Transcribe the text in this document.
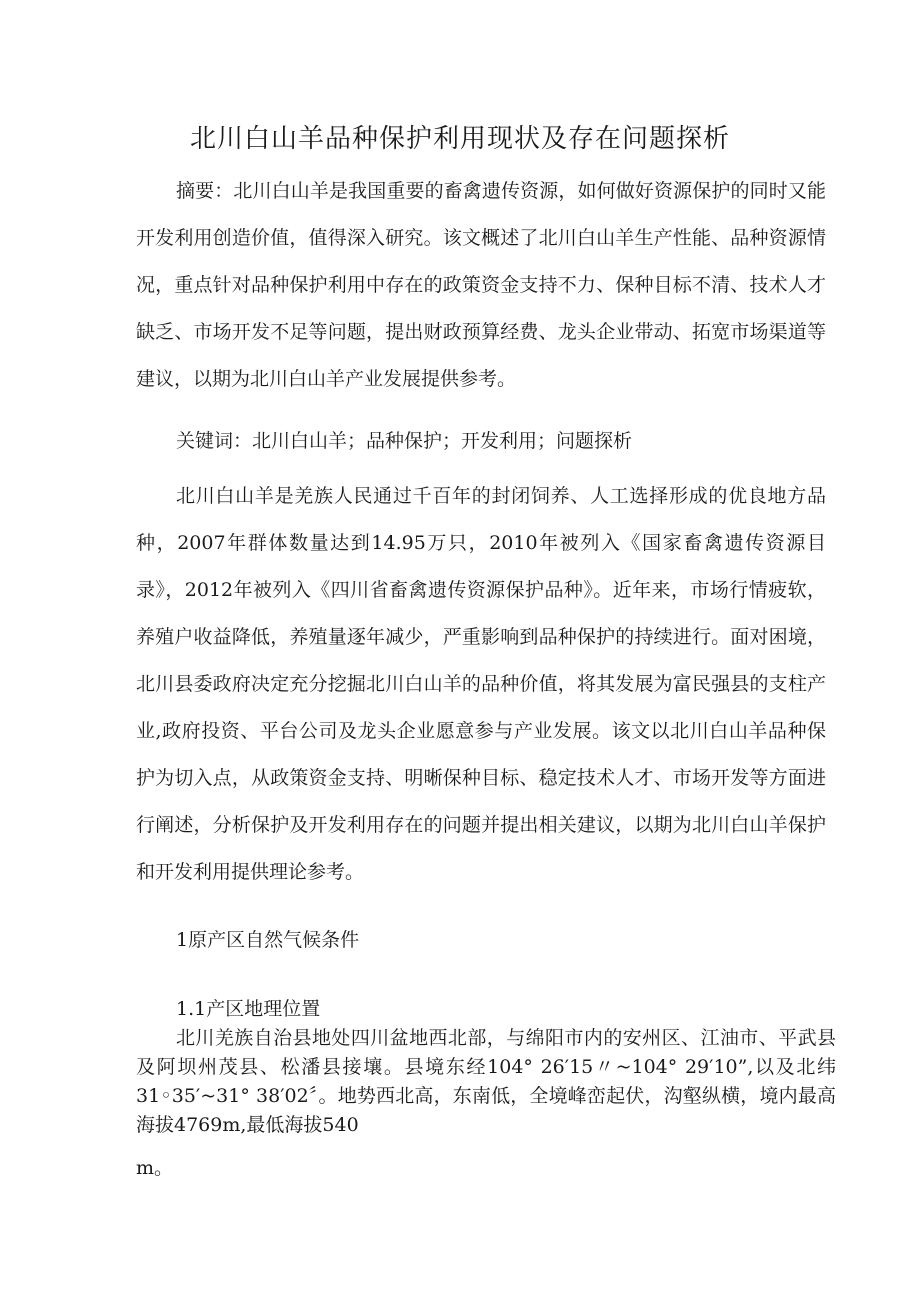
北川白山羊品种保护利用现状及存在问题探析

摘要：北川白山羊是我国重要的畜禽遗传资源，如何做好资源保护的同时又能开发利用创造价值，值得深入研究。该文概述了北川白山羊生产性能、品种资源情况，重点针对品种保护利用中存在的政策资金支持不力、保种目标不清、技术人才缺乏、市场开发不足等问题，提出财政预算经费、龙头企业带动、拓宽市场渠道等建议，以期为北川白山羊产业发展提供参考。

关键词：北川白山羊；品种保护；开发利用；问题探析

北川白山羊是羌族人民通过千百年的封闭饲养、人工选择形成的优良地方品种，2007年群体数量达到14.95万只，2010年被列入《国家畜禽遗传资源目录》，2012年被列入《四川省畜禽遗传资源保护品种》。近年来，市场行情疲软，养殖户收益降低，养殖量逐年减少，严重影响到品种保护的持续进行。面对困境，北川县委政府决定充分挖掘北川白山羊的品种价值，将其发展为富民强县的支柱产业,政府投资、平台公司及龙头企业愿意参与产业发展。该文以北川白山羊品种保护为切入点，从政策资金支持、明晰保种目标、稳定技术人才、市场开发等方面进行阐述，分析保护及开发利用存在的问题并提出相关建议，以期为北川白山羊保护和开发利用提供理论参考。

1原产区自然气候条件

1.1产区地理位置

北川羌族自治县地处四川盆地西北部，与绵阳市内的安州区、江油市、平武县及阿坝州茂县、松潘县接壤。县境东经104° 26′15〃~104° 29′10”,以及北纬31◦35′~31° 38′02〞。地势西北高，东南低，全境峰峦起伏，沟壑纵横，境内最高海拔4769m,最低海拔540

m。
